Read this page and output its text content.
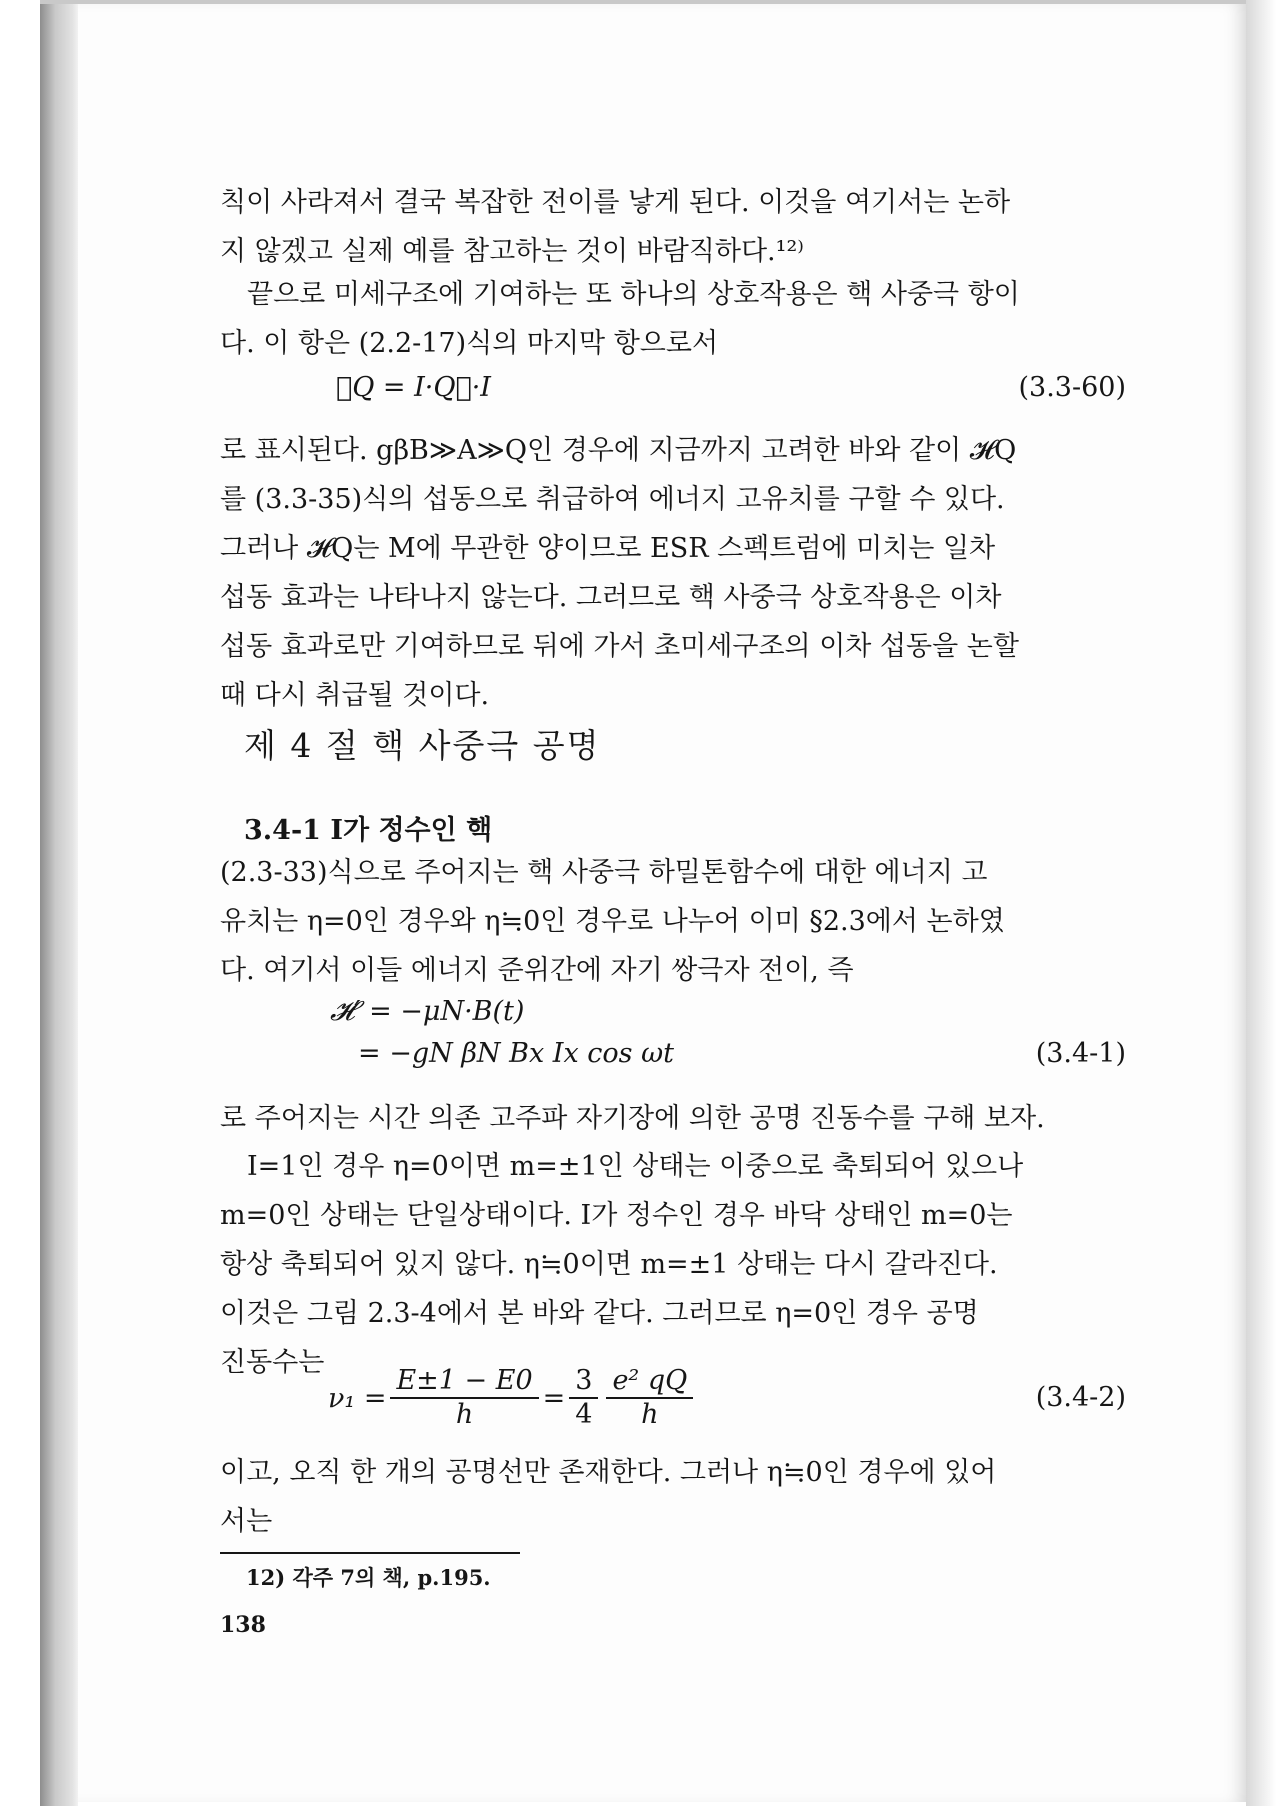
칙이 사라져서 결국 복잡한 전이를 낳게 된다. 이것을 여기서는 논하

지 않겠고 실제 예를 참고하는 것이 바람직하다.¹²⁾

끝으로 미세구조에 기여하는 또 하나의 상호작용은 핵 사중극 항이

다. 이 항은 (2.2-17)식의 마지막 항으로서

𝓗Q = I·Q⃡·I	(3.3-60)

로 표시된다. gβB≫A≫Q인 경우에 지금까지 고려한 바와 같이 𝓗Q

를 (3.3-35)식의 섭동으로 취급하여 에너지 고유치를 구할 수 있다.

그러나 𝓗Q는 M에 무관한 양이므로 ESR 스펙트럼에 미치는 일차

섭동 효과는 나타나지 않는다. 그러므로 핵 사중극 상호작용은 이차

섭동 효과로만 기여하므로 뒤에 가서 초미세구조의 이차 섭동을 논할

때 다시 취급될 것이다.

제 4 절 핵 사중극 공명
3.4-1 I가 정수인 핵

(2.3-33)식으로 주어지는 핵 사중극 하밀톤함수에 대한 에너지 고

유치는 η=0인 경우와 η≒0인 경우로 나누어 이미 §2.3에서 논하였

다. 여기서 이들 에너지 준위간에 자기 쌍극자 전이, 즉

𝓗′ = −μN·B(t)
= −gN βN Bx Ix cos ωt	(3.4-1)

로 주어지는 시간 의존 고주파 자기장에 의한 공명 진동수를 구해 보자.

I=1인 경우 η=0이면 m=±1인 상태는 이중으로 축퇴되어 있으나

m=0인 상태는 단일상태이다. I가 정수인 경우 바닥 상태인 m=0는

항상 축퇴되어 있지 않다. η≒0이면 m=±1 상태는 다시 갈라진다.

이것은 그림 2.3-4에서 본 바와 같다. 그러므로 η=0인 경우 공명

진동수는

$\nu_1 = \frac{E\pm 1 - E0}{h} = \frac{3}{4} \frac{\text{e² qQ}}{h}$	(3.4-2)

이고, 오직 한 개의 공명선만 존재한다. 그러나 η≒0인 경우에 있어

서는

12) 각주 7의 책, p.195.
138
